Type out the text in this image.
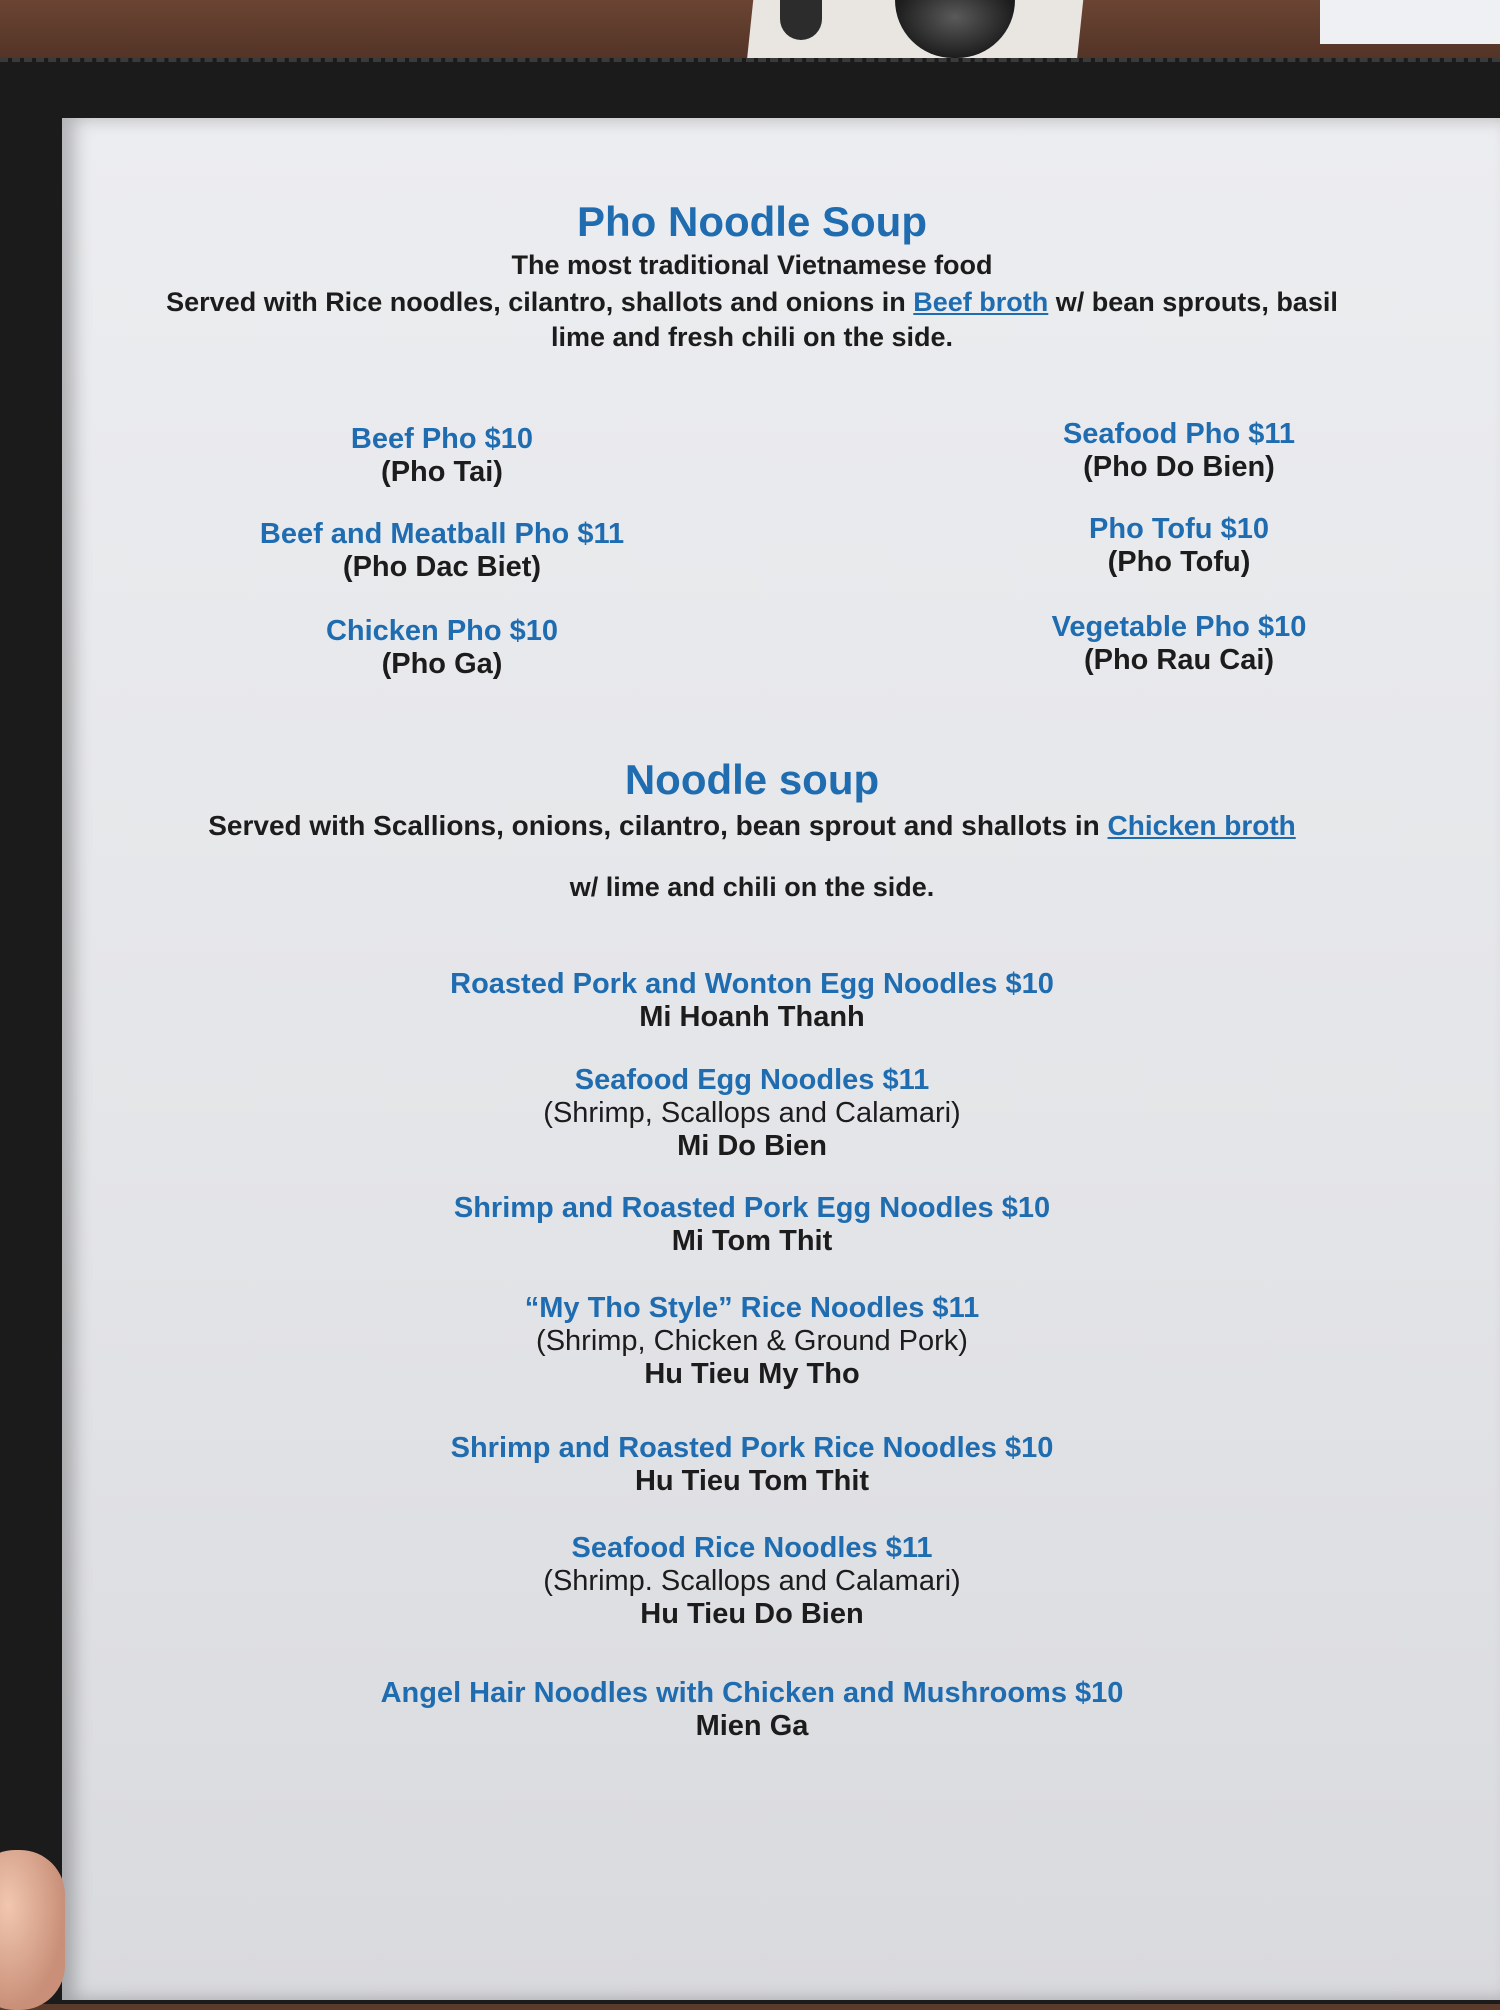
Pho Noodle Soup

The most traditional Vietnamese food

Served with Rice noodles, cilantro, shallots and onions in Beef broth w/ bean sprouts, basil

lime and fresh chili on the side.

Beef Pho $10
(Pho Tai)
Beef and Meatball Pho $11
(Pho Dac Biet)
Chicken Pho $10
(Pho Ga)
Seafood Pho $11
(Pho Do Bien)
Pho Tofu $10
(Pho Tofu)
Vegetable Pho $10
(Pho Rau Cai)

Noodle soup

Served with Scallions, onions, cilantro, bean sprout and shallots in Chicken broth

w/ lime and chili on the side.

Roasted Pork and Wonton Egg Noodles $10
Mi Hoanh Thanh
Seafood Egg Noodles $11
(Shrimp, Scallops and Calamari)
Mi Do Bien
Shrimp and Roasted Pork Egg Noodles $10
Mi Tom Thit
“My Tho Style” Rice Noodles $11
(Shrimp, Chicken & Ground Pork)
Hu Tieu My Tho
Shrimp and Roasted Pork Rice Noodles $10
Hu Tieu Tom Thit
Seafood Rice Noodles $11
(Shrimp. Scallops and Calamari)
Hu Tieu Do Bien
Angel Hair Noodles with Chicken and Mushrooms $10
Mien Ga
